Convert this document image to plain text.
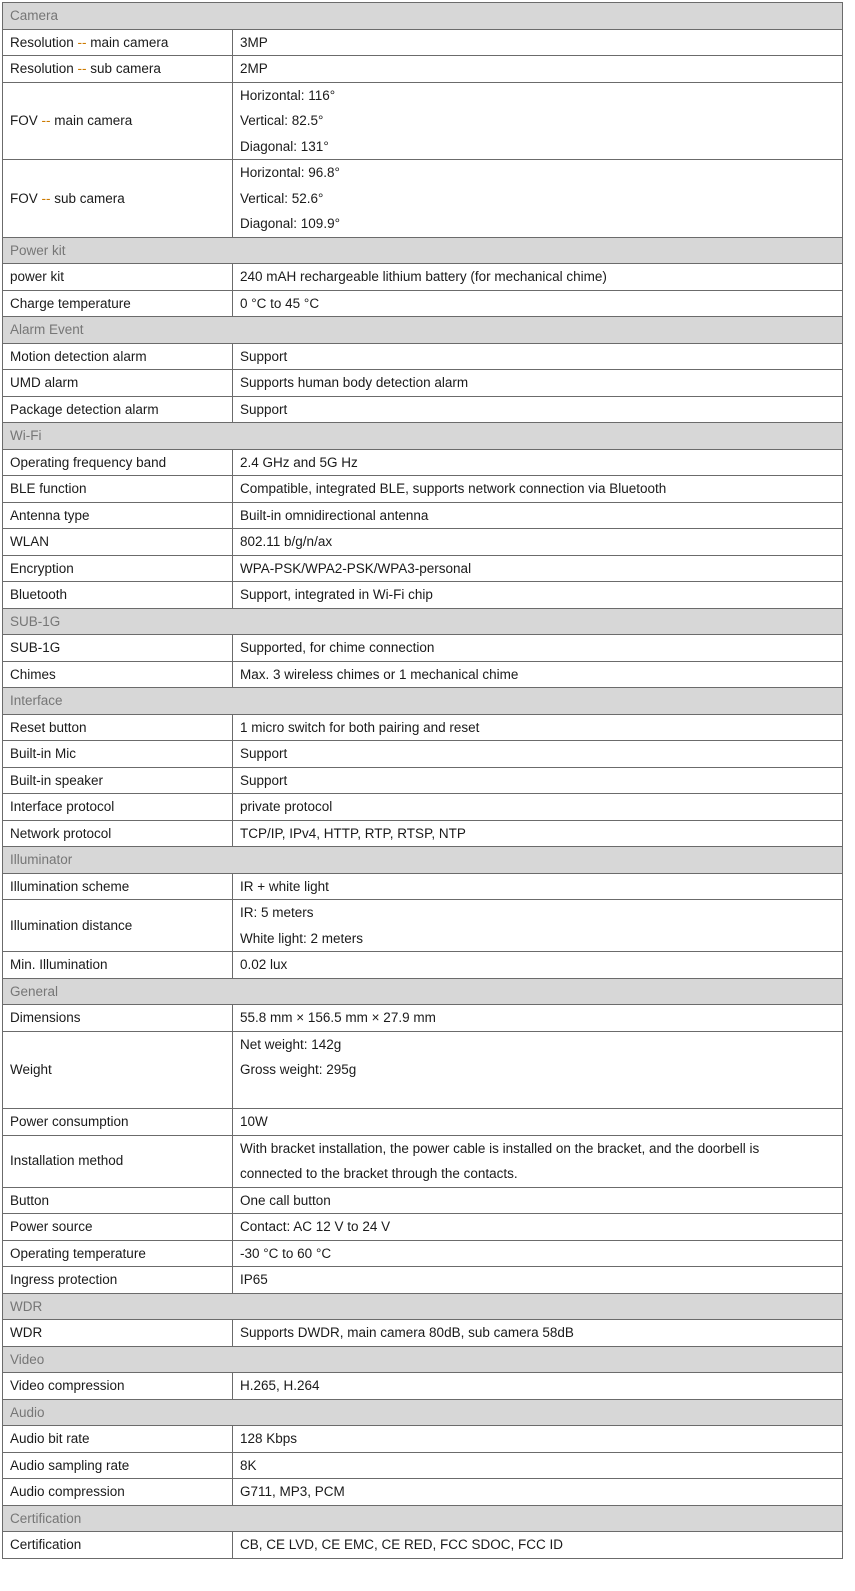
Camera	
Resolution -- main camera	3MP

Resolution -- sub camera	2MP

FOV -- main camera	Horizontal: 116°
Vertical: 82.5°
Diagonal: 131°

FOV -- sub camera	Horizontal: 96.8°
Vertical: 52.6°
Diagonal: 109.9°

Power kit	
power kit	240 mAH rechargeable lithium battery (for mechanical chime)

Charge temperature	0 °C to 45 °C

Alarm Event	
Motion detection alarm	Support

UMD alarm	Supports human body detection alarm

Package detection alarm	Support

Wi-Fi	
Operating frequency band	2.4 GHz and 5G Hz

BLE function	Compatible, integrated BLE, supports network connection via Bluetooth

Antenna type	Built-in omnidirectional antenna

WLAN	802.11 b/g/n/ax

Encryption	WPA-PSK/WPA2-PSK/WPA3-personal

Bluetooth	Support, integrated in Wi-Fi chip

SUB-1G	
SUB-1G	Supported, for chime connection

Chimes	Max. 3 wireless chimes or 1 mechanical chime

Interface	
Reset button	1 micro switch for both pairing and reset

Built-in Mic	Support

Built-in speaker	Support

Interface protocol	private protocol

Network protocol	TCP/IP, IPv4, HTTP, RTP, RTSP, NTP

Illuminator	
Illumination scheme	IR + white light

Illumination distance	IR: 5 meters
White light: 2 meters

Min. Illumination	0.02 lux

General	
Dimensions	55.8 mm × 156.5 mm × 27.9 mm

Weight	Net weight: 142g
Gross weight: 295g

Power consumption	10W

Installation method	With bracket installation, the power cable is installed on the bracket, and the doorbell is
connected to the bracket through the contacts.

Button	One call button

Power source	Contact: AC 12 V to 24 V

Operating temperature	-30 °C to 60 °C

Ingress protection	IP65

WDR	
WDR	Supports DWDR, main camera 80dB, sub camera 58dB

Video	
Video compression	H.265, H.264

Audio	
Audio bit rate	128 Kbps

Audio sampling rate	8K

Audio compression	G711, MP3, PCM

Certification	
Certification	CB, CE LVD, CE EMC, CE RED, FCC SDOC, FCC ID
